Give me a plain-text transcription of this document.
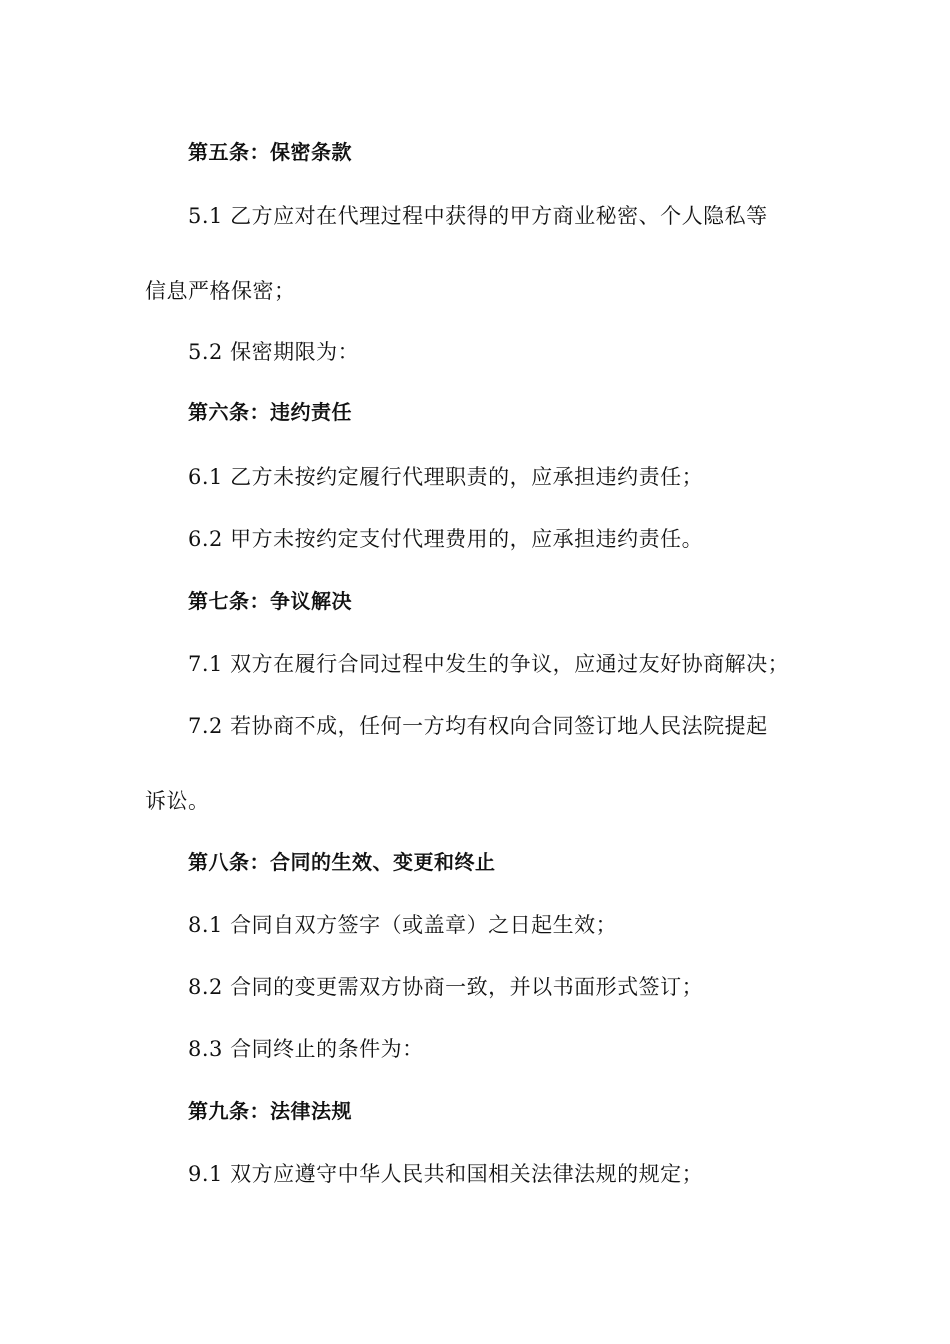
第五条：保密条款
5.1 乙方应对在代理过程中获得的甲方商业秘密、个人隐私等
信息严格保密；
5.2 保密期限为：
第六条：违约责任
6.1 乙方未按约定履行代理职责的，应承担违约责任；
6.2 甲方未按约定支付代理费用的，应承担违约责任。
第七条：争议解决
7.1 双方在履行合同过程中发生的争议，应通过友好协商解决；
7.2 若协商不成，任何一方均有权向合同签订地人民法院提起
诉讼。
第八条：合同的生效、变更和终止
8.1 合同自双方签字（或盖章）之日起生效；
8.2 合同的变更需双方协商一致，并以书面形式签订；
8.3 合同终止的条件为：
第九条：法律法规
9.1 双方应遵守中华人民共和国相关法律法规的规定；
